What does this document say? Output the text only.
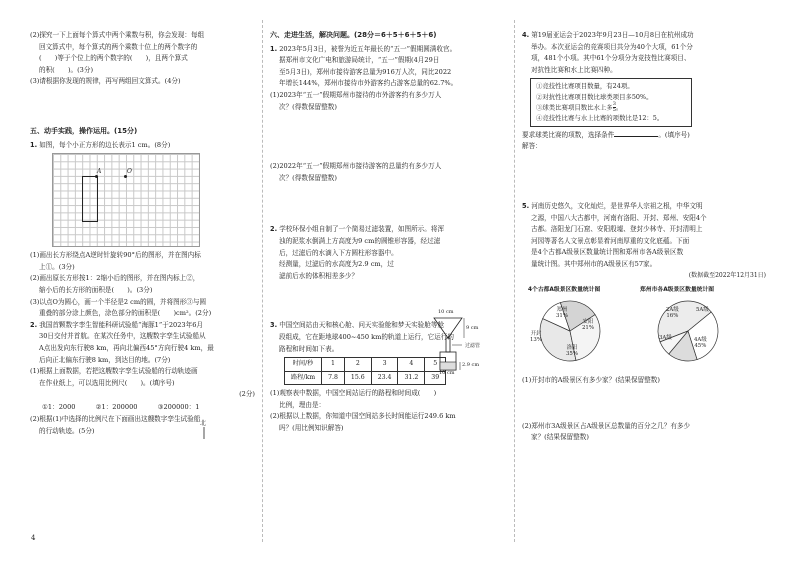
(2)探究一下上面每个算式中两个乘数与积，你会发现：每组

回文算式中，每个算式的两个乘数十位上的两个数字的

(　　)等于个位上的两个数字的(　　)，且两个算式

的积(　　)。(3分)

(3)请根据你发现的规律，再写两组回文算式。(4分)

五、动手实践，操作运用。(15分)

1. 如图，每个小正方形的边长表示1 cm。(8分)

A	O

(1)画出长方形绕点A逆时针旋转90°后的图形，并在图内标

上①。(3分)

(2)画出原长方形按1：2缩小后的图形，并在图内标上②，

缩小后的长方形的面积是(　　)。(3分)

(3)以点O为圆心，画一个半径是2 cm的圆，并将图形③与圆

重叠的部分涂上颜色，涂色部分的面积是(　　)cm²。(2分)

2. 我国首颗数字孪生智能科研试验船“海豚1”于2023年6月

30日交付并首航。在某次任务中，这艘数字孪生试验船从

A点出发向东行驶8 km，再向北偏西45°方向行驶4 km，最

后向正北偏东行驶8 km，到达目的地。(7分)

(1)根据上面数据，若把这艘数字孪生试验船的行动轨迹画

在作业纸上，可以选用比例尺(　　)。(填序号)

(2分)

①1：2000	②1：200000	③200000：1

(2)根据(1)中选择的比例尺在下面画出这艘数字孪生试验船

的行动轨迹。(5分)

北
4
六、走进生活，解决问题。(28分＝6＋5＋6＋5＋6)

1. 2023年5月3日，被誉为近五年最长的“五一”假期圆满收官。

据郑州市文化广电和旅游局统计，“五一”假期(4月29日

至5月3日)，郑州市接待游客总量为916万人次，同比2022

年增长144%，郑州市接待市外游客约占游客总量的62.7%。

(1)2023年“五一”假期郑州市接待的市外游客约有多少万人

次？(得数保留整数)

(2)2022年“五一”假期郑州市接待游客的总量约有多少万人

次？(得数保留整数)

2. 学校环保小组自制了一个简易过滤装置，如图所示。将浑

浊的泥浆水倒满上方高度为9 cm的圆锥形容器，经过滤

后，过滤后的水滴入下方圆柱形容器中。

经测量，过滤后的水高度为2.9 cm，过

滤前后水的体积相差多少？

3. 中国空间站由天和核心舱、问天实验舱和梦天实验舱等舱

段组成，它在距地球400~450 km的轨道上运行，它运行的

路程和时间如下表。

时间/秒	1	2	3	4	5
路程/km	7.8	15.6	23.4	31.2	39

(1)观察表中数据，中国空间站运行的路程和时间成(　　)

比例，理由是：

(2)根据以上数据，你知道中国空间站多长时间能运行249.6 km

吗？(用比例知识解答)

10 cm
9 cm
过滤管
2.9 cm
10 cm

4. 第19届亚运会于2023年9月23日—10月8日在杭州成功

举办。本次亚运会的竞赛项目共分为40个大项，61个分

项，481个小项。其中61个分项分为竞技性比赛项目、

对抗性比赛和水上比赛四种。

①竞技性比赛项目数量，有24项。
②对抗性比赛项目数比球类项目多50%。
③球类比赛项目数比水上多 $\frac{3}{5}$ 。
④竞技性比赛与水上比赛的项数比是12：5。

要求球类比赛的项数，选择条件	。(填序号)

解答：

5. 河南历史悠久，文化灿烂，是世界华人宗祖之根，中华文明

之源，中国八大古都中，河南有洛阳、开封、郑州、安阳4个

古都。洛阳龙门石窟、安阳殷墟、登封少林寺、开封清明上

河园等著名人文景点彰显着河南厚重的文化底蕴。下面

是4个古都A级景区数量统计图和郑州市各A级景区数

量统计图。其中郑州市的A级景区有57家。

(数据截至2022年12月31日)

4个古都A级景区数量统计图	郑州市各A级景区数量统计图
郑州
31%
安阳
21%
洛阳
35%
开封
13%
2A级
16%
5A级
3A级	4A级
45%

(1)开封市的A级景区有多少家？(结果保留整数)

(2)郑州市3A级景区占A级景区总数量的百分之几？有多少

家？(结果保留整数)
